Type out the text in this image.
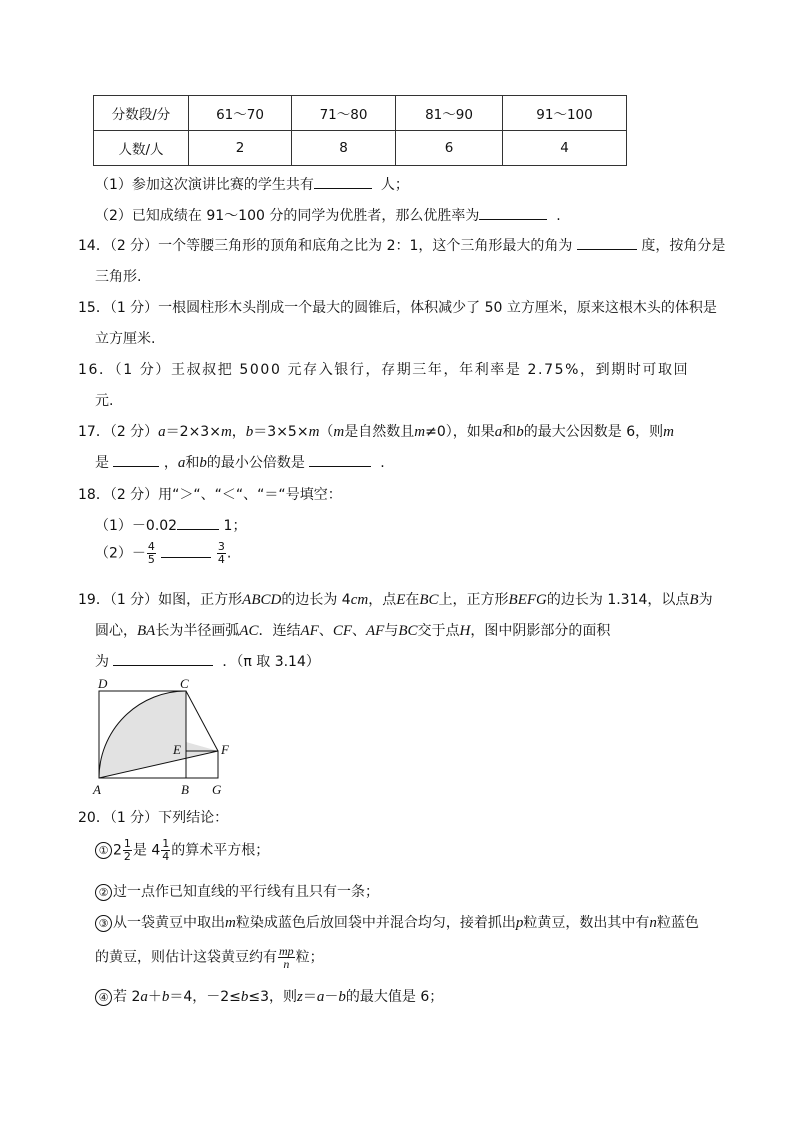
分数段/分	61～70	71～80	81～90	91～100
人数/人	2	8	6	4
（1）参加这次演讲比赛的学生共有	人；
（2）已知成绩在 91～100 分的同学为优胜者，那么优胜率为	.
14．（2 分）一个等腰三角形的顶角和底角之比为 2：1，这个三角形最大的角为	度，按角分是
三角形.
15．（1 分）一根圆柱形木头削成一个最大的圆锥后，体积减少了 50 立方厘米，原来这根木头的体积是
立方厘米.
16．（1 分）王叔叔把 5000 元存入银行，存期三年，年利率是 2.75%，到期时可取回
元.
17．（2 分）a＝2×3×m，b＝3×5×m（m是自然数且m≠0），如果a和b的最大公因数是 6，则m
是	，a和b的最小公倍数是	.
18．（2 分）用“＞“、“＜“、“＝“号填空：
（1）－0.02	1；
$(2)- \frac{4}{5}$
	$\frac{3}{4}$ .
19．（1 分）如图，正方形ABCD的边长为 4cm，点E在BC上，正方形BEFG的边长为 1.314，以点B为
圆心，BA长为半径画弧AC．连结AF、CF、AF与BC交于点H，图中阴影部分的面积
为	．（π 取 3.14）
D	C
E	F
A	B G
20．（1 分）下列结论：
① $2 \frac{1}{2}$ 是 $4 \frac{1}{4}$ 的算术平方根；
② 过一点作已知直线的平行线有且只有一条；
③ 从一袋黄豆中取出m粒染成蓝色后放回袋中并混合均匀，接着抓出p粒黄豆，数出其中有n粒蓝色
的黄豆，则估计这袋黄豆约有 $\frac{mp}{n}$ 粒；
④ 若 2a＋b＝4，－2≤b≤3，则z＝a－b的最大值是 6；
